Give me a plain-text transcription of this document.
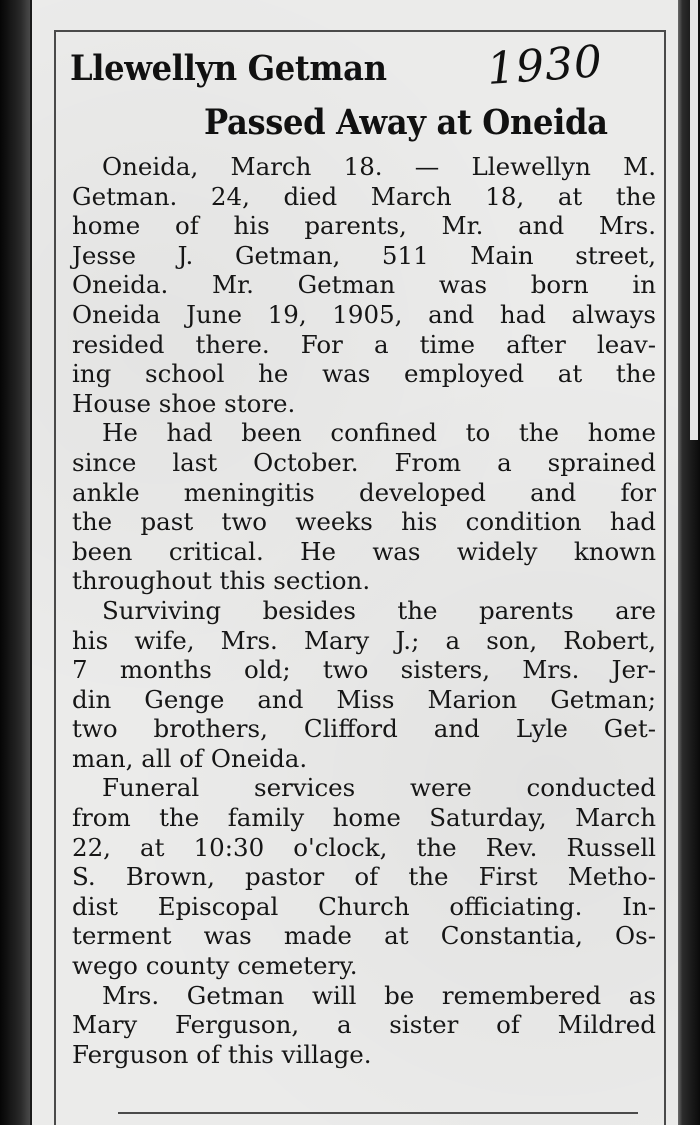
Llewellyn Getman
Passed Away at Oneida
1930
Oneida, March 18. — Llewellyn M.
Getman. 24, died March 18, at the
home of his parents, Mr. and Mrs.
Jesse J. Getman, 511 Main street,
Oneida. Mr. Getman was born in
Oneida June 19, 1905, and had always
resided there. For a time after leav-
ing school he was employed at the
House shoe store.
He had been confined to the home
since last October. From a sprained
ankle meningitis developed and for
the past two weeks his condition had
been critical. He was widely known
throughout this section.
Surviving besides the parents are
his wife, Mrs. Mary J.; a son, Robert,
7 months old; two sisters, Mrs. Jer-
din Genge and Miss Marion Getman;
two brothers, Clifford and Lyle Get-
man, all of Oneida.
Funeral services were conducted
from the family home Saturday, March
22, at 10:30 o'clock, the Rev. Russell
S. Brown, pastor of the First Metho-
dist Episcopal Church officiating. In-
terment was made at Constantia, Os-
wego county cemetery.
Mrs. Getman will be remembered as
Mary Ferguson, a sister of Mildred
Ferguson of this village.
